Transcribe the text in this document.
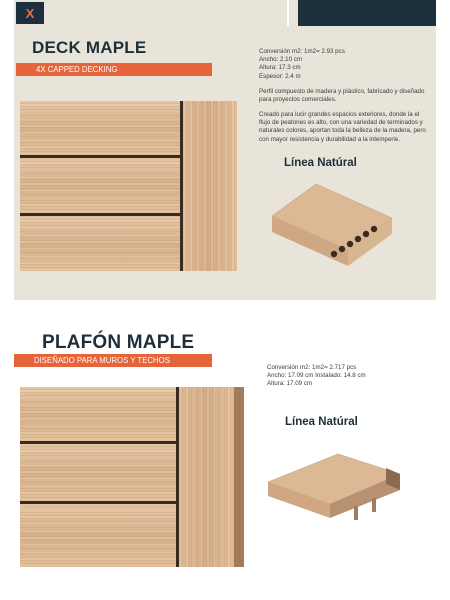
X
DECK MAPLE
4X CAPPED DECKING
Conversión m2: 1m2= 2.93 pcs
Ancho: 2.10 cm
Altura: 17.3 cm
Espesor: 2.4 m
Perfil compuesto de madera y plástico, fabricado y diseñado para proyectos comerciales.
Creado para lucir grandes espacios exteriores, donde la el flujo de peatones es alto, con una variedad de terminados y naturales colores, aportan toda la belleza de la madera, pero con mayor resistencia y durabilidad a la intemperie.
Línea Natúral
PLAFÓN MAPLE
DISEÑADO PARA MUROS Y TECHOS
Conversión m2: 1m2= 2.717 pcs
Ancho: 17.09 cm Instalado: 14.8 cm
Altura: 17.09 cm
Línea Natúral
